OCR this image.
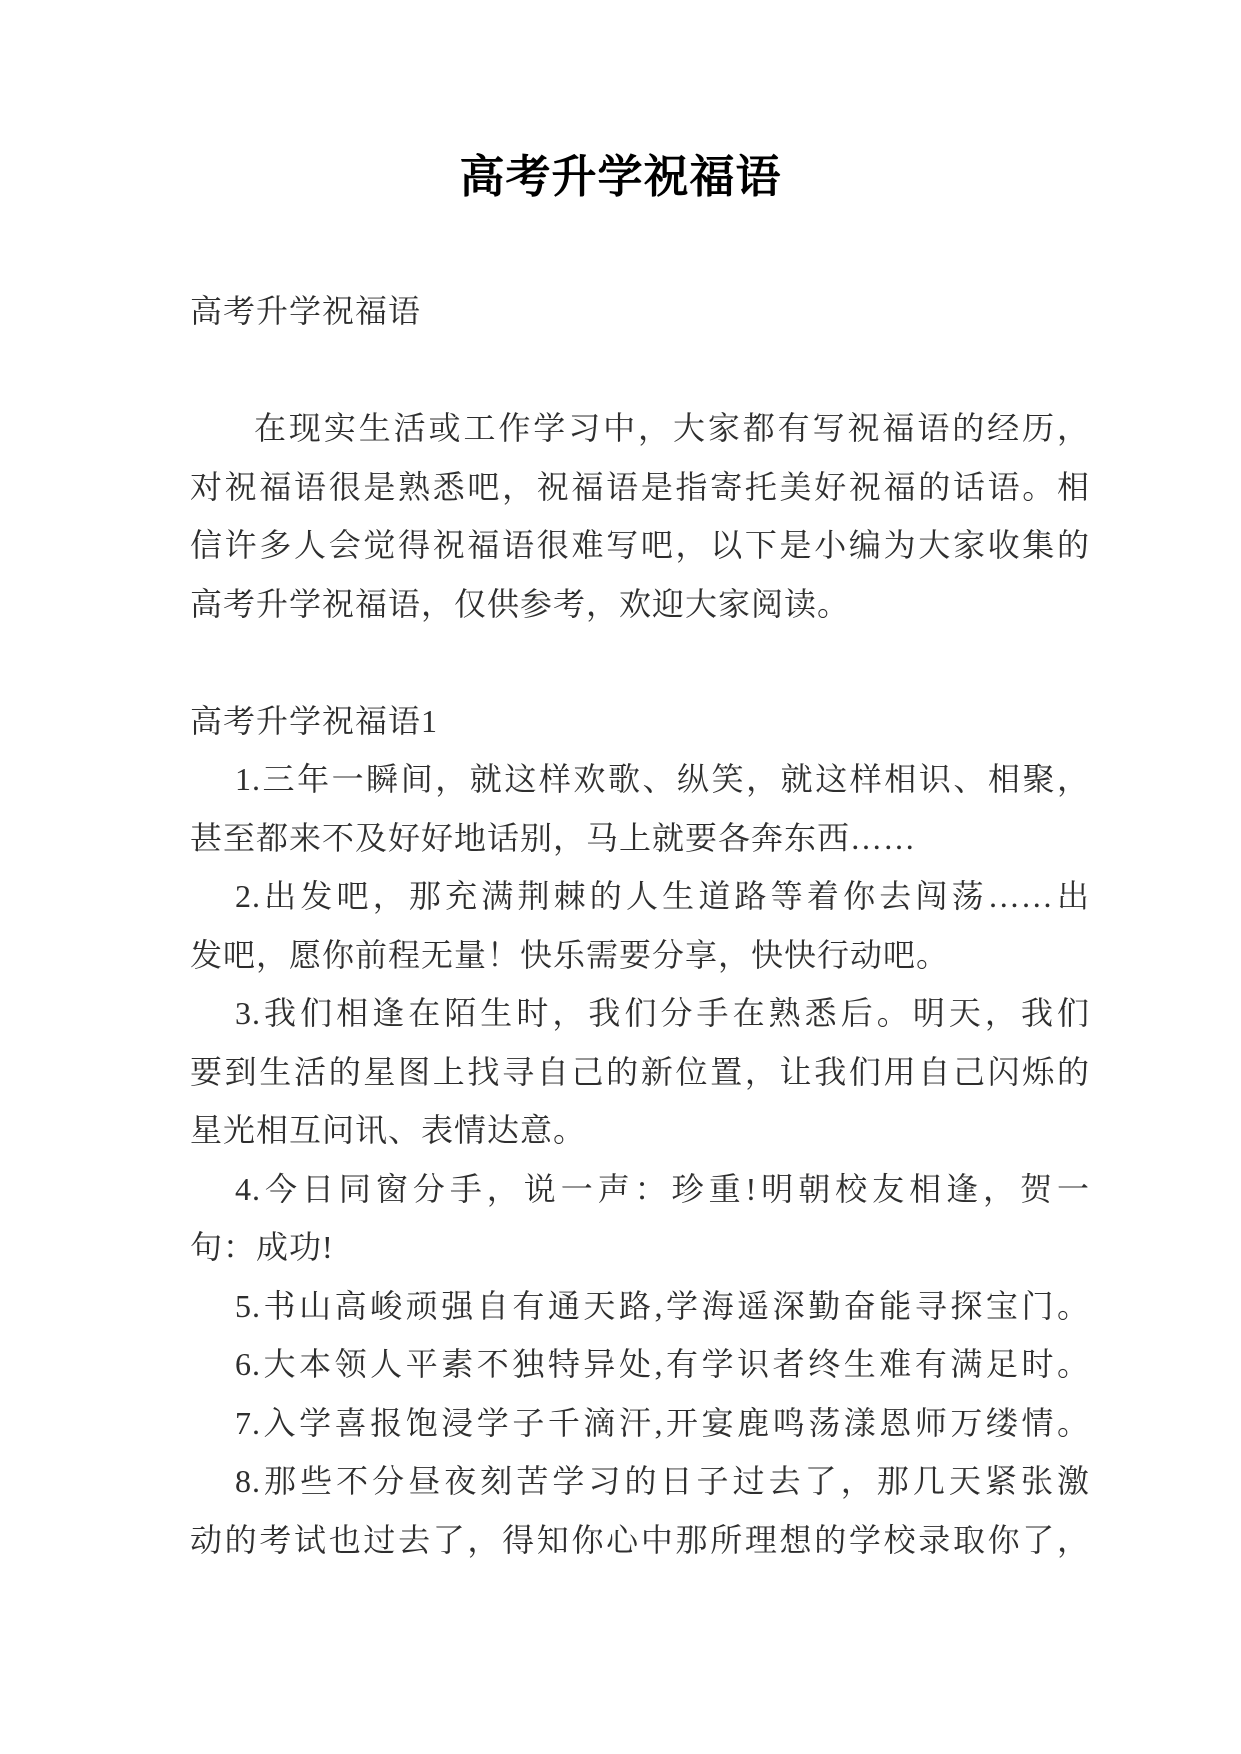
高考升学祝福语
高考升学祝福语
在现实生活或工作学习中，大家都有写祝福语的经历，
对祝福语很是熟悉吧，祝福语是指寄托美好祝福的话语。相
信许多人会觉得祝福语很难写吧，以下是小编为大家收集的
高考升学祝福语，仅供参考，欢迎大家阅读。
高考升学祝福语1
1.三年一瞬间，就这样欢歌、纵笑，就这样相识、相聚，
甚至都来不及好好地话别，马上就要各奔东西……
2.出发吧，那充满荆棘的人生道路等着你去闯荡……出
发吧，愿你前程无量！快乐需要分享，快快行动吧。
3.我们相逢在陌生时，我们分手在熟悉后。明天，我们
要到生活的星图上找寻自己的新位置，让我们用自己闪烁的
星光相互问讯、表情达意。
4.今日同窗分手，说一声：珍重!明朝校友相逢，贺一
句：成功!
5.书山高峻顽强自有通天路,学海遥深勤奋能寻探宝门。
6.大本领人平素不独特异处,有学识者终生难有满足时。
7.入学喜报饱浸学子千滴汗,开宴鹿鸣荡漾恩师万缕情。
8.那些不分昼夜刻苦学习的日子过去了，那几天紧张激
动的考试也过去了，得知你心中那所理想的学校录取你了，
